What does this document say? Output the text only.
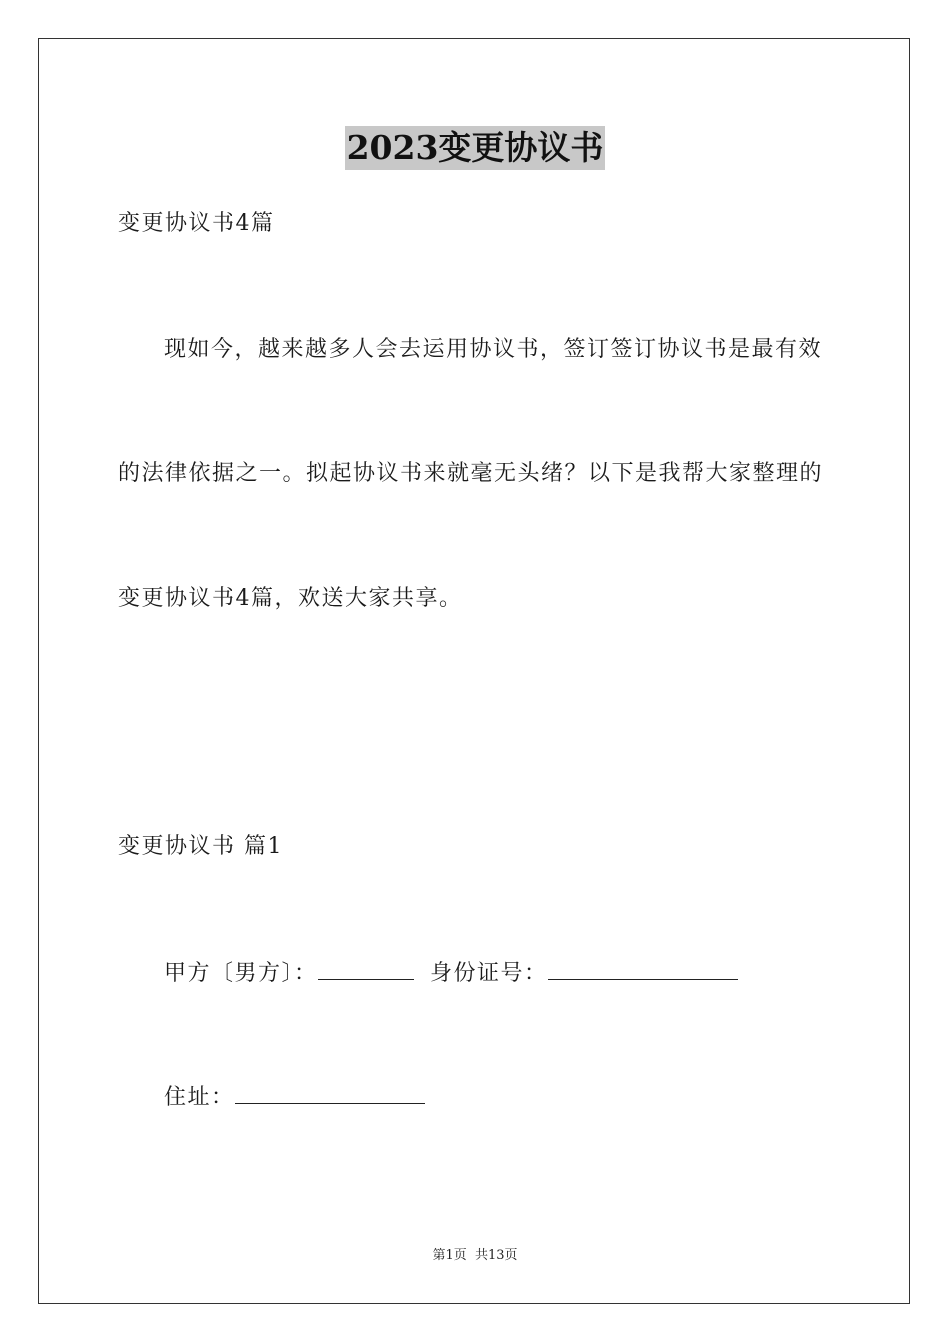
2023变更协议书
变更协议书4篇
现如今，越来越多人会去运用协议书，签订签订协议书是最有效
的法律依据之一。拟起协议书来就毫无头绪？以下是我帮大家整理的
变更协议书4篇，欢送大家共享。
变更协议书 篇1
甲方〔男方〕：	身份证号：
住址：
第1页 共13页
